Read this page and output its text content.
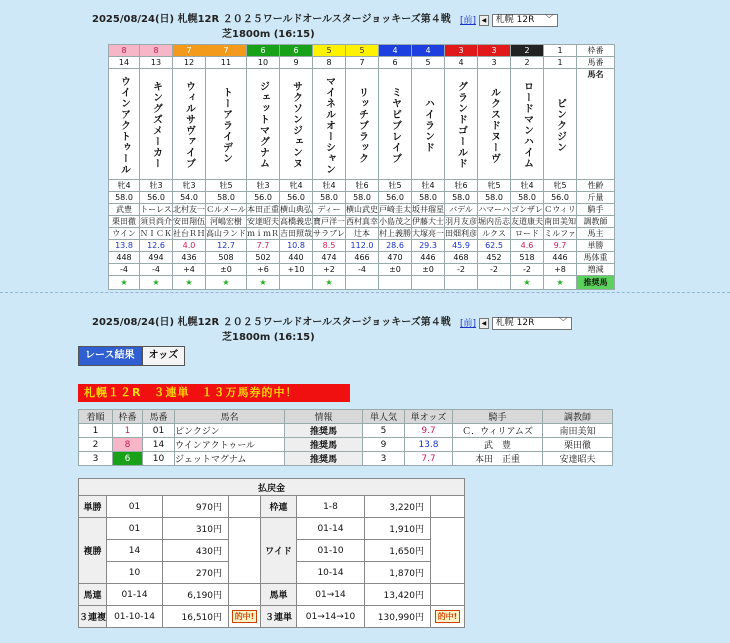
2025/08/24(日) 札幌12R ２０２５ワールドオールスタージョッキーズ第４戦
芝1800m (16:15)
[前] ◀ 札幌 12R ﹀
8	8	7	7	6	6	5	5	4	4	3	3	2	1	枠番
14	13	12	11	10	9	8	7	6	5	4	3	2	1	馬番

ウインアクトゥール	キングズメーカー	ウィルサヴァイブ	トーアライデン	ジェットマグナム	サクソンジェンヌ	マイネルオーシャン	リッチブラック	ミヤビブレイブ	ハイランド	グランドゴールド	ルクスドヌーヴ	ロードマンハイム	ピンクジン	馬名
牝4	牡3	牝3	牡5	牡3	牝4	牡4	牡6	牡5	牡4	牡6	牝5	牡4	牝5	性齢
58.0	56.0	54.0	58.0	56.0	56.0	58.0	58.0	56.0	58.0	58.0	58.0	58.0	56.0	斤量
武豊	トーレス	北村友一	Ｃルメール	本田正重	横山典弘	ディー	横山武史	戸崎圭太	坂井瑠星	バデル	ハマーハ	ゴンザレ	Ｃウィリ	騎手
栗田徹	須貝尚介	安田翔伍	河嶋宏樹	安達昭夫	高橋義忠	寶戸洋一	西村真幸	小島茂之	伊藤大士	羽月友彦	堀内岳志	友道康夫	南田美知	調教師
ウイン	ＮＩＣＫ	社台ＲＨ	高山ランド	ｍｉｍＲ	吉田照哉	サラブレ	辻本	村上義勝	大塚亮一	田畑利彦	ルクス	ロード	ミルファ	馬主
13.8	12.6	4.0	12.7	7.7	10.8	8.5	112.0	28.6	29.3	45.9	62.5	4.6	9.7	単勝
448	494	436	508	502	440	474	466	470	446	468	452	518	446	馬体重
-4	-4	+4	±0	+6	+10	+2	-4	±0	±0	-2	-2	-2	+8	増減
★	★	★	★	★		★						★	★	推奨馬
2025/08/24(日) 札幌12R ２０２５ワールドオールスタージョッキーズ第４戦
芝1800m (16:15)
[前] ◀ 札幌 12R	﹀
レース結果 オッズ
札幌１２R　３連単　１３万馬券的中！
着順	枠番	馬番	馬名	情報	単人気	単オッズ	騎手	調教師
1	1	01	ピンクジン	推奨馬	5	9.7	Ｃ．ウィリアムズ	南田美知
2	8	14	ウインアクトゥール	推奨馬	9	13.8	武　豊	栗田徹
3	6	10	ジェットマグナム	推奨馬	3	7.7	本田　正重	安達昭夫
払戻金							
単勝	01	970円		枠連	1-8	3,220円	
複勝	01	310円		ワイド	01-14	1,910円	
	14	430円			01-10	1,650円	
	10	270円			10-14	1,870円	
馬連	01-14	6,190円		馬単	01→14	13,420円	
３連複	01-10-14	16,510円	的中!	３連単	01→14→10	130,990円	的中!
